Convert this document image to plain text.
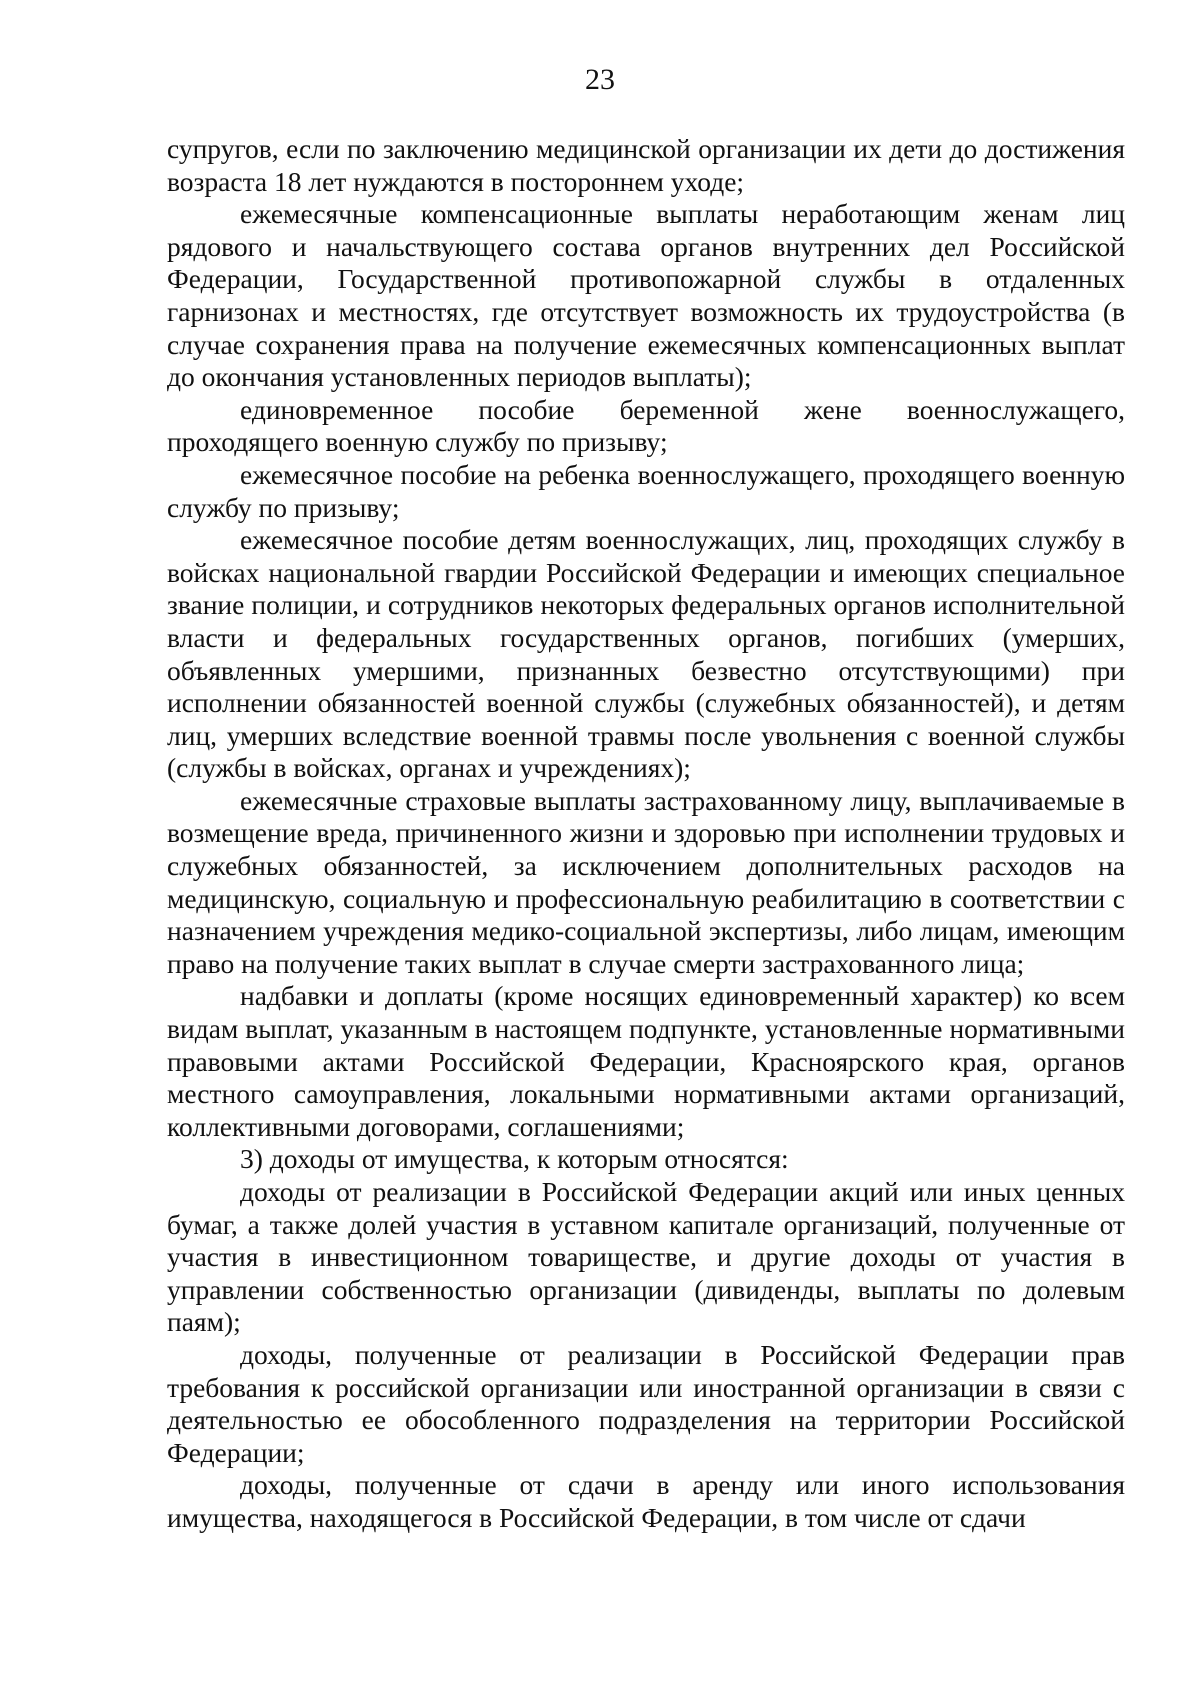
23

супругов, если по заключению медицинской организации их дети до достижения возраста 18 лет нуждаются в постороннем уходе;

ежемесячные компенсационные выплаты неработающим женам лиц рядового и начальствующего состава органов внутренних дел Российской Федерации, Государственной противопожарной службы в отдаленных гарнизонах и местностях, где отсутствует возможность их трудоустройства (в случае сохранения права на получение ежемесячных компенсационных выплат до окончания установленных периодов выплаты);

единовременное пособие беременной жене военнослужащего, проходящего военную службу по призыву;

ежемесячное пособие на ребенка военнослужащего, проходящего военную службу по призыву;

ежемесячное пособие детям военнослужащих, лиц, проходящих службу в войсках национальной гвардии Российской Федерации и имеющих специальное звание полиции, и сотрудников некоторых федеральных органов исполнительной власти и федеральных государственных органов, погибших (умерших, объявленных умершими, признанных безвестно отсутствующими) при исполнении обязанностей военной службы (служебных обязанностей), и детям лиц, умерших вследствие военной травмы после увольнения с военной службы (службы в войсках, органах и учреждениях);

ежемесячные страховые выплаты застрахованному лицу, выплачиваемые в возмещение вреда, причиненного жизни и здоровью при исполнении трудовых и служебных обязанностей, за исключением дополнительных расходов на медицинскую, социальную и профессиональную реабилитацию в соответствии с назначением учреждения медико-социальной экспертизы, либо лицам, имеющим право на получение таких выплат в случае смерти застрахованного лица;

надбавки и доплаты (кроме носящих единовременный характер) ко всем видам выплат, указанным в настоящем подпункте, установленные нормативными правовыми актами Российской Федерации, Красноярского края, органов местного самоуправления, локальными нормативными актами организаций, коллективными договорами, соглашениями;

3) доходы от имущества, к которым относятся:

доходы от реализации в Российской Федерации акций или иных ценных бумаг, а также долей участия в уставном капитале организаций, полученные от участия в инвестиционном товариществе, и другие доходы от участия в управлении собственностью организации (дивиденды, выплаты по долевым паям);

доходы, полученные от реализации в Российской Федерации прав требования к российской организации или иностранной организации в связи с деятельностью ее обособленного подразделения на территории Российской Федерации;

доходы, полученные от сдачи в аренду или иного использования имущества, находящегося в Российской Федерации, в том числе от сдачи
